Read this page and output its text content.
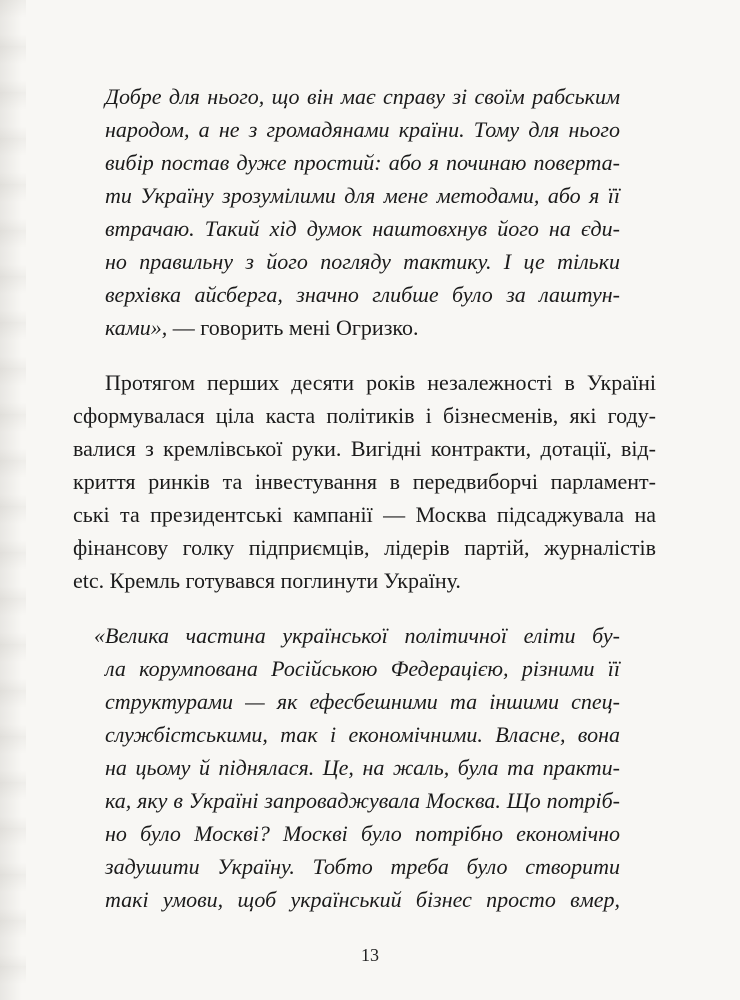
Добре для нього, що він має справу зі своїм рабським
народом, а не з громадянами країни. Тому для нього
вибір постав дуже простий: або я починаю поверта-
ти Україну зрозумілими для мене методами, або я її
втрачаю. Такий хід думок наштовхнув його на єди-
но правильну з його погляду тактику. І це тільки
верхівка айсберга, значно глибше було за лаштун-
ками», — говорить мені Огризко.
Протягом перших десяти років незалежності в Україні
сформувалася ціла каста політиків і бізнесменів, які году-
валися з кремлівської руки. Вигідні контракти, дотації, від-
криття ринків та інвестування в передвиборчі парламент-
ські та президентські кампанії — Москва підсаджувала на
фінансову голку підприємців, лідерів партій, журналістів
etc. Кремль готувався поглинути Україну.
«Велика частина української політичної еліти бу-
ла корумпована Російською Федерацією, різними її
структурами — як ефесбешними та іншими спец-
службістськими, так і економічними. Власне, вона
на цьому й піднялася. Це, на жаль, була та практи-
ка, яку в Україні запроваджувала Москва. Що потріб-
но було Москві? Москві було потрібно економічно
задушити Україну. Тобто треба було створити
такі умови, щоб український бізнес просто вмер,
13
